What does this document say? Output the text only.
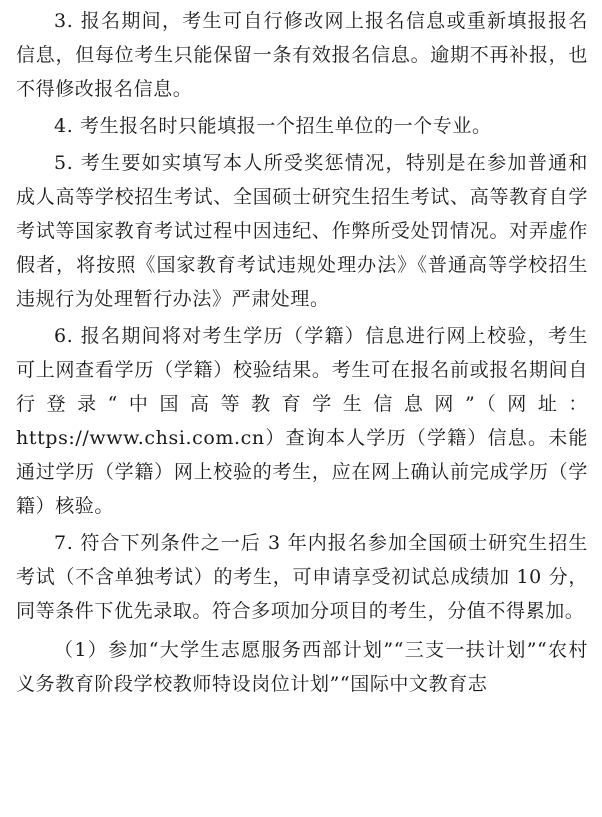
3. 报名期间，考生可自行修改网上报名信息或重新填报报名信息，但每位考生只能保留一条有效报名信息。逾期不再补报，也不得修改报名信息。

4. 考生报名时只能填报一个招生单位的一个专业。

5. 考生要如实填写本人所受奖惩情况，特别是在参加普通和成人高等学校招生考试、全国硕士研究生招生考试、高等教育自学考试等国家教育考试过程中因违纪、作弊所受处罚情况。对弄虚作假者，将按照《国家教育考试违规处理办法》《普通高等学校招生违规行为处理暂行办法》严肃处理。

6. 报名期间将对考生学历（学籍）信息进行网上校验，考生可上网查看学历（学籍）校验结果。考生可在报名前或报名期间自行登录“中国高等教育学生信息网”（网址：https://www.chsi.com.cn）查询本人学历（学籍）信息。未能通过学历（学籍）网上校验的考生，应在网上确认前完成学历（学籍）核验。

7. 符合下列条件之一后 3 年内报名参加全国硕士研究生招生考试（不含单独考试）的考生，可申请享受初试总成绩加 10 分，同等条件下优先录取。符合多项加分项目的考生，分值不得累加。

（1）参加“大学生志愿服务西部计划”“三支一扶计划”“农村义务教育阶段学校教师特设岗位计划”“国际中文教育志
